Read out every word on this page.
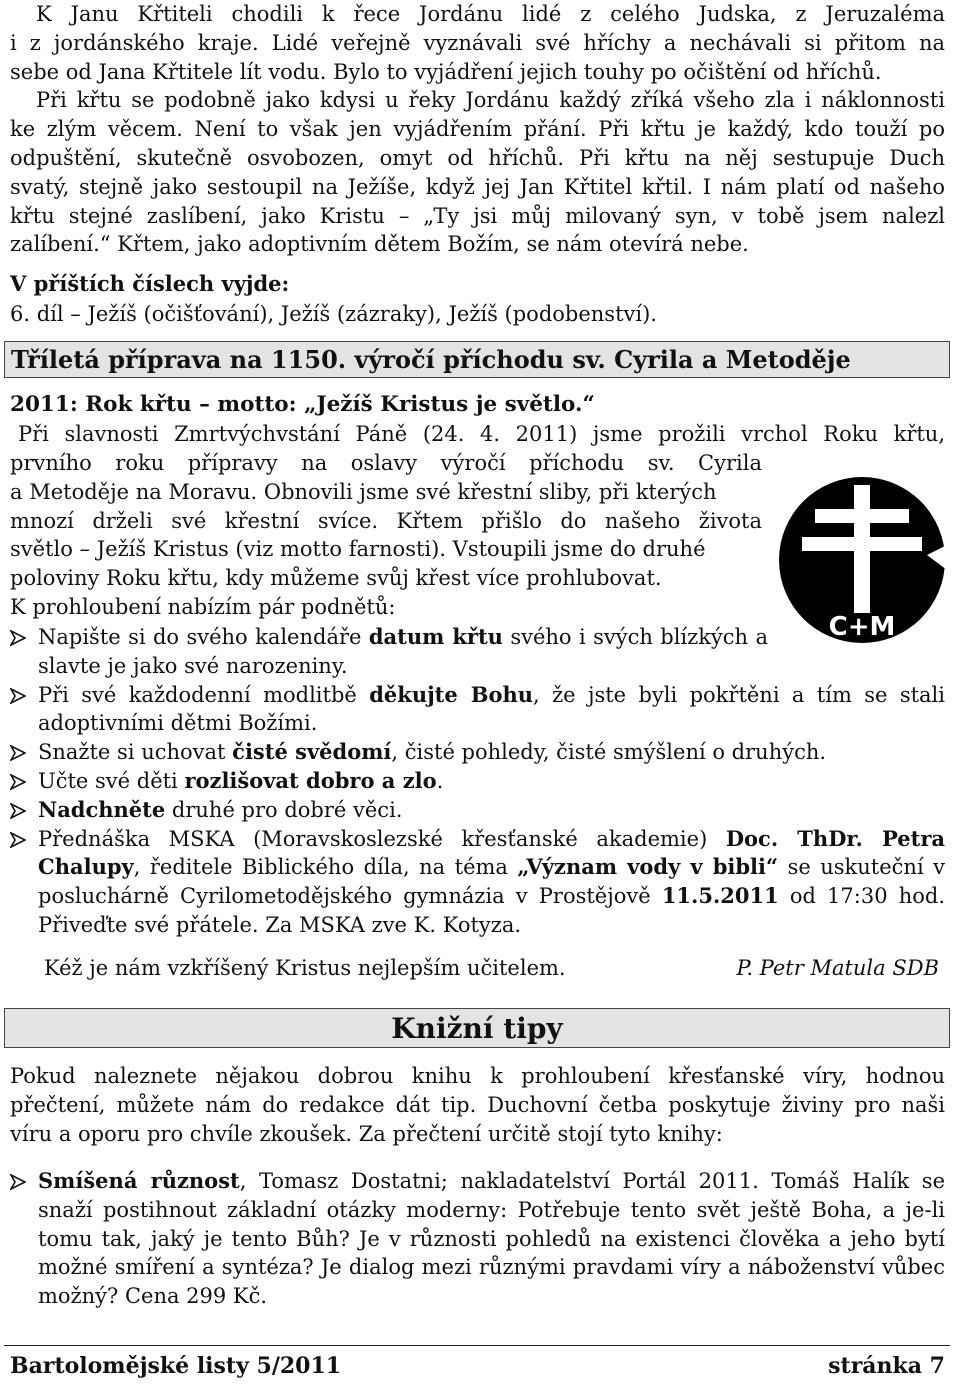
K Janu Křtiteli chodili k řece Jordánu lidé z celého Judska, z Jeruzaléma
i z jordánského kraje. Lidé veřejně vyznávali své hříchy a nechávali si přitom na
sebe od Jana Křtitele lít vodu. Bylo to vyjádření jejich touhy po očištění od hříchů.
Při křtu se podobně jako kdysi u řeky Jordánu každý zříká všeho zla i náklonnosti
ke zlým věcem. Není to však jen vyjádřením přání. Při křtu je každý, kdo touží po
odpuštění, skutečně osvobozen, omyt od hříchů. Při křtu na něj sestupuje Duch
svatý, stejně jako sestoupil na Ježíše, když jej Jan Křtitel křtil. I nám platí od našeho
křtu stejné zaslíbení, jako Kristu – „Ty jsi můj milovaný syn, v tobě jsem nalezl
zalíbení.“ Křtem, jako adoptivním dětem Božím, se nám otevírá nebe.
V příštích číslech vyjde:
6. díl – Ježíš (očišťování), Ježíš (zázraky), Ježíš (podobenství).
Tříletá příprava na 1150. výročí příchodu sv. Cyrila a Metoděje
2011: Rok křtu – motto: „Ježíš Kristus je světlo.“
Při slavnosti Zmrtvýchvstání Páně (24. 4. 2011) jsme prožili vrchol Roku křtu,
prvního roku přípravy na oslavy výročí příchodu sv. Cyrila
a Metoděje na Moravu. Obnovili jsme své křestní sliby, při kterých
mnozí drželi své křestní svíce. Křtem přišlo do našeho života
světlo – Ježíš Kristus (viz motto farnosti). Vstoupili jsme do druhé
poloviny Roku křtu, kdy můžeme svůj křest více prohlubovat.
K prohloubení nabízím pár podnětů:
C+M
Napište si do svého kalendáře datum křtu svého i svých blízkých a slavte je jako své narozeniny.
Při své každodenní modlitbě děkujte Bohu, že jste byli pokřtěni a tím se stali adoptivními dětmi Božími.
Snažte si uchovat čisté svědomí, čisté pohledy, čisté smýšlení o druhých.
Učte své děti rozlišovat dobro a zlo.
Nadchněte druhé pro dobré věci.
Přednáška MSKA (Moravskoslezské křesťanské akademie) Doc. ThDr. Petra Chalupy, ředitele Biblického díla, na téma „Význam vody v bibli“ se uskuteční v posluchárně Cyrilometodějského gymnázia v Prostějově 11.5.2011 od 17:30 hod. Přiveďte své přátele. Za MSKA zve K. Kotyza.
Kéž je nám vzkříšený Kristus nejlepším učitelem.	P. Petr Matula SDB
Knižní tipy
Pokud naleznete nějakou dobrou knihu k prohloubení křesťanské víry, hodnou
přečtení, můžete nám do redakce dát tip. Duchovní četba poskytuje živiny pro naši
víru a oporu pro chvíle zkoušek. Za přečtení určitě stojí tyto knihy:
Smíšená různost, Tomasz Dostatni; nakladatelství Portál 2011. Tomáš Halík se snaží postihnout základní otázky moderny: Potřebuje tento svět ještě Boha, a je-li tomu tak, jaký je tento Bůh? Je v různosti pohledů na existenci člověka a jeho bytí možné smíření a syntéza? Je dialog mezi různými pravdami víry a náboženství vůbec možný? Cena 299 Kč.
Bartolomějské listy 5/2011	stránka 7
